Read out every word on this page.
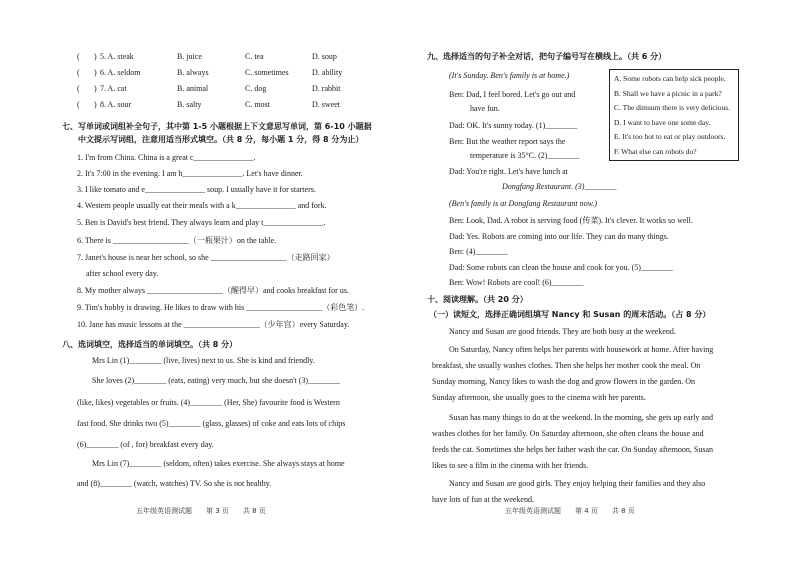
( ) 5. A. steak	B. juice	C. tea	D. soup
( ) 6. A. seldom	B. always	C. sometimes	D. ability
( ) 7. A. cat	B. animal	C. dog	D. rabbit
( ) 8. A. sour	B. salty	C. most	D. sweet
七、写单词或词组补全句子，其中第 1-5 小题根据上下文意思写单词，第 6-10 小题据
中文提示写词组，注意用适当形式填空。（共 8 分，每小题 1 分，得 8 分为止）
1. I'm from China. China is a great c_______________.
2. It's 7:00 in the evening. I am h_______________. Let's have dinner.
3. I like tomato and e_______________ soup. I usually have it for starters.
4. Western people usually eat their meals with a k_______________ and fork.
5. Ben is David's best friend. They always learn and play t_______________.
6. There is ___________________（一瓶果汁）on the table.
7. Janet's house is near her school, so she ___________________（走路回家）
after school every day.
8. My mother always ___________________（醒得早）and cooks breakfast for us.
9. Tim's hobby is drawing. He likes to draw with his ___________________（彩色笔）.
10. Jane has music lessons at the ___________________（少年宫）every Saturday.
八、选词填空，选择适当的单词填空。（共 8 分）
Mrs Lin (1)________ (live, lives) next to us. She is kind and friendly.
She loves (2)________ (eats, eating) very much, but she doesn't (3)________
(like, likes) vegetables or fruits. (4)________ (Her, She) favourite food is Western
fast food. She drinks two (5)________ (glass, glasses) of coke and eats lots of chips
(6)________ (of , for) breakfast every day.
Mrs Lin (7)________ (seldom, often) takes exercise. She always stays at home
and (8)________ (watch, watches) TV. So she is not healthy.
五年级英语测试题　　第 3 页　　共 8 页
九、选择适当的句子补全对话，把句子编号写在横线上。（共 6 分）
(It's Sunday. Ben's family is at home.)
Ben: Dad, I feel bored. Let's go out and
have fun.
Dad: OK. It's sunny today. (1)________
Ben: But the weather report says the
temperature is 35°C. (2)________
Dad: You're right. Let's have lunch at
Dongfang Restaurant. (3)________
(Ben's family is at Dongfang Restaurant now.)
Ben: Look, Dad. A robot is serving food (传菜). It's clever. It works so well.
Dad: Yes. Robots are coming into our life. They can do many things.
Ben: (4)________
Dad: Some robots can clean the house and cook for you. (5)________
Ben: Wow! Robots are cool! (6)________
十、阅读理解。（共 20 分）
（一）读短文，选择正确词组填写 Nancy 和 Susan 的周末活动。（占 8 分）
Nancy and Susan are good friends. They are both busy at the weekend.
On Saturday, Nancy often helps her parents with housework at home. After having
breakfast, she usually washes clothes. Then she helps her mother cook the meal. On
Sunday morning, Nancy likes to wash the dog and grow flowers in the garden. On
Sunday afternoon, she usually goes to the cinema with her parents.
Susan has many things to do at the weekend. In the morning, she gets up early and
washes clothes for her family. On Saturday afternoon, she often cleans the house and
feeds the cat. Sometimes she helps her father wash the car. On Sunday afternoon, Susan
likes to see a film in the cinema with her friends.
Nancy and Susan are good girls. They enjoy helping their families and they also
have lots of fun at the weekend.
五年级英语测试题　　第 4 页　　共 8 页
A. Some robots can help sick people.
B. Shall we have a picnic in a park?
C. The dimsum there is very delicious.
D. I want to have one some day.
E. It's too hot to eat or play outdoors.
F. What else can robots do?
